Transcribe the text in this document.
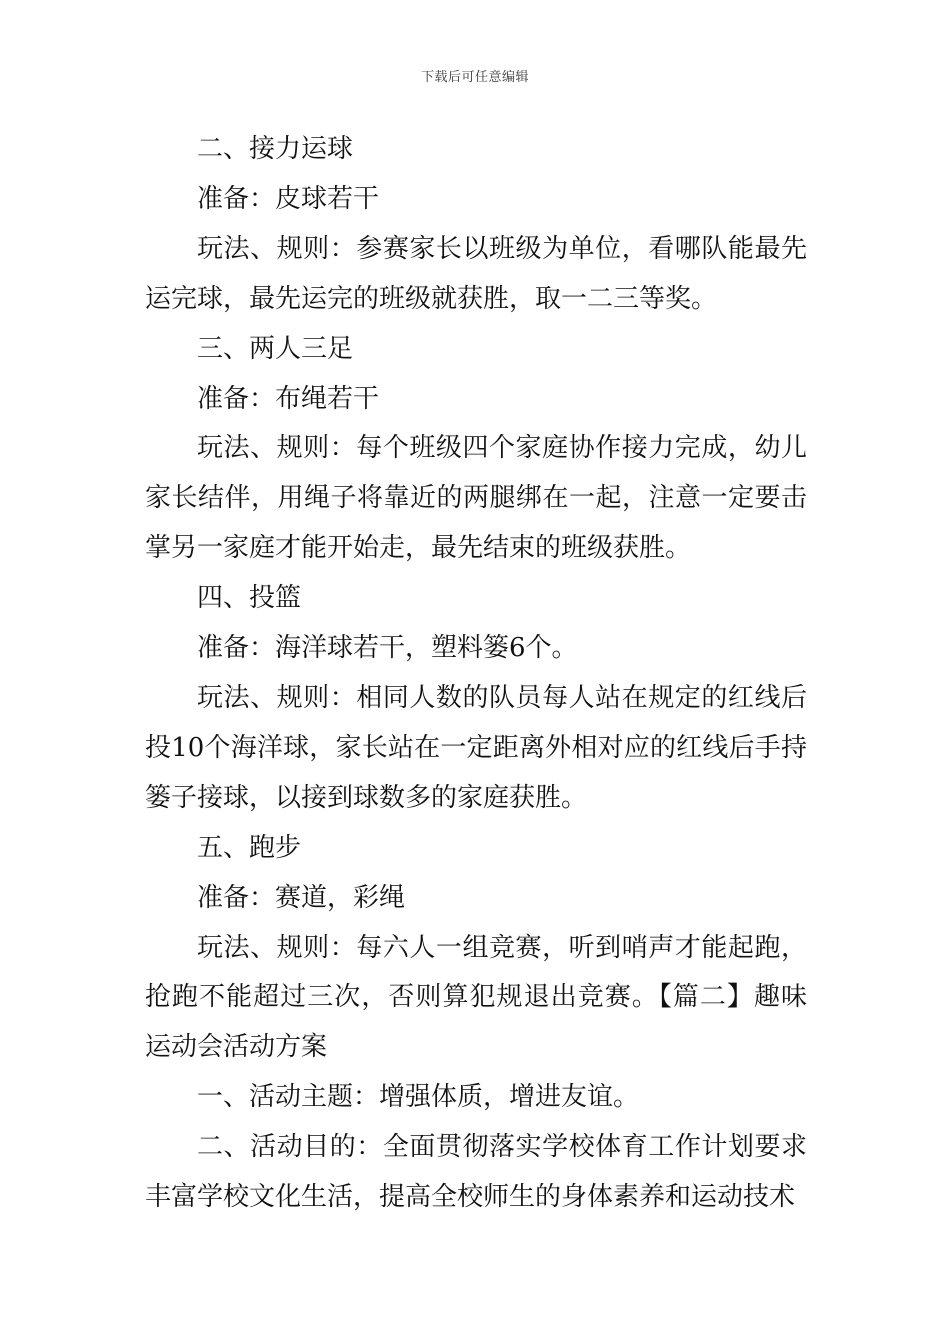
下载后可任意编辑

二、接力运球

准备：皮球若干

玩法、规则：参赛家长以班级为单位，看哪队能最先运完球，最先运完的班级就获胜，取一二三等奖。

三、两人三足

准备：布绳若干

玩法、规则：每个班级四个家庭协作接力完成，幼儿家长结伴，用绳子将靠近的两腿绑在一起，注意一定要击掌另一家庭才能开始走，最先结束的班级获胜。

四、投篮

准备：海洋球若干，塑料篓6个。

玩法、规则：相同人数的队员每人站在规定的红线后投10个海洋球，家长站在一定距离外相对应的红线后手持篓子接球，以接到球数多的家庭获胜。

五、跑步

准备：赛道，彩绳

玩法、规则：每六人一组竞赛，听到哨声才能起跑，抢跑不能超过三次，否则算犯规退出竞赛。【篇二】趣味运动会活动方案

一、活动主题：增强体质，增进友谊。

二、活动目的：全面贯彻落实学校体育工作计划要求丰富学校文化生活，提高全校师生的身体素养和运动技术
